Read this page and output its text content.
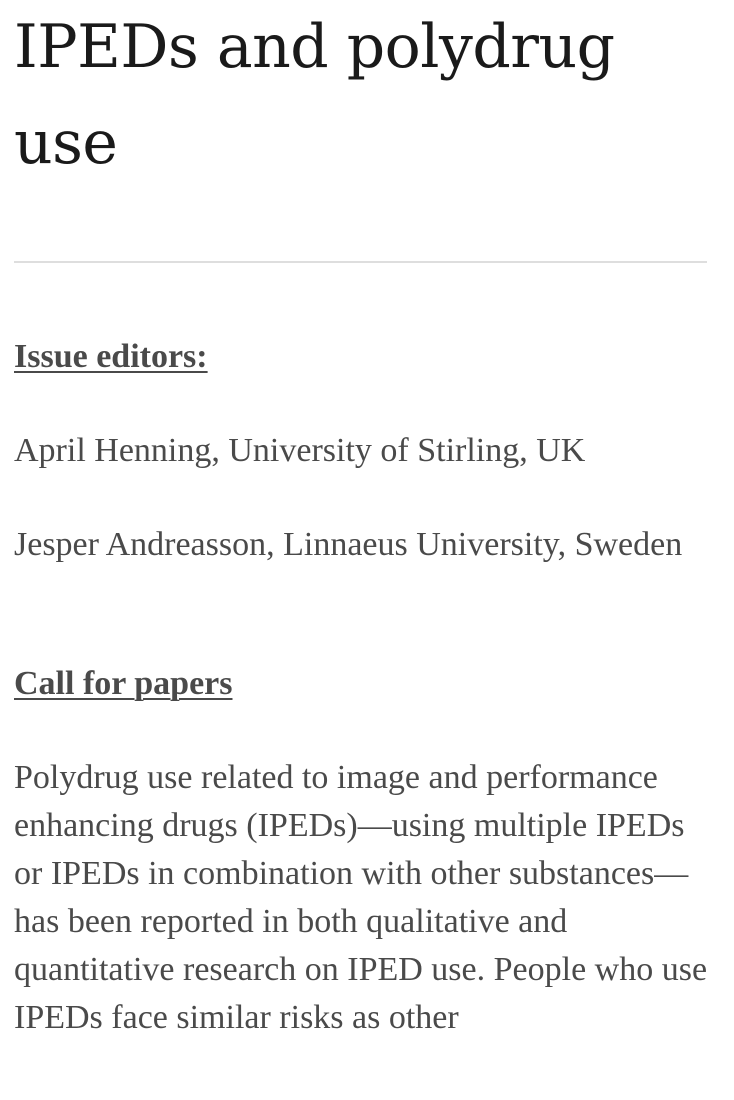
IPEDs and polydrug use
Issue editors:

April Henning, University of Stirling, UK

Jesper Andreasson, Linnaeus University, Sweden

Call for papers

Polydrug use related to image and performance enhancing drugs (IPEDs)—using multiple IPEDs or IPEDs in combination with other substances—has been reported in both qualitative and quantitative research on IPED use. People who use IPEDs face similar risks as other
